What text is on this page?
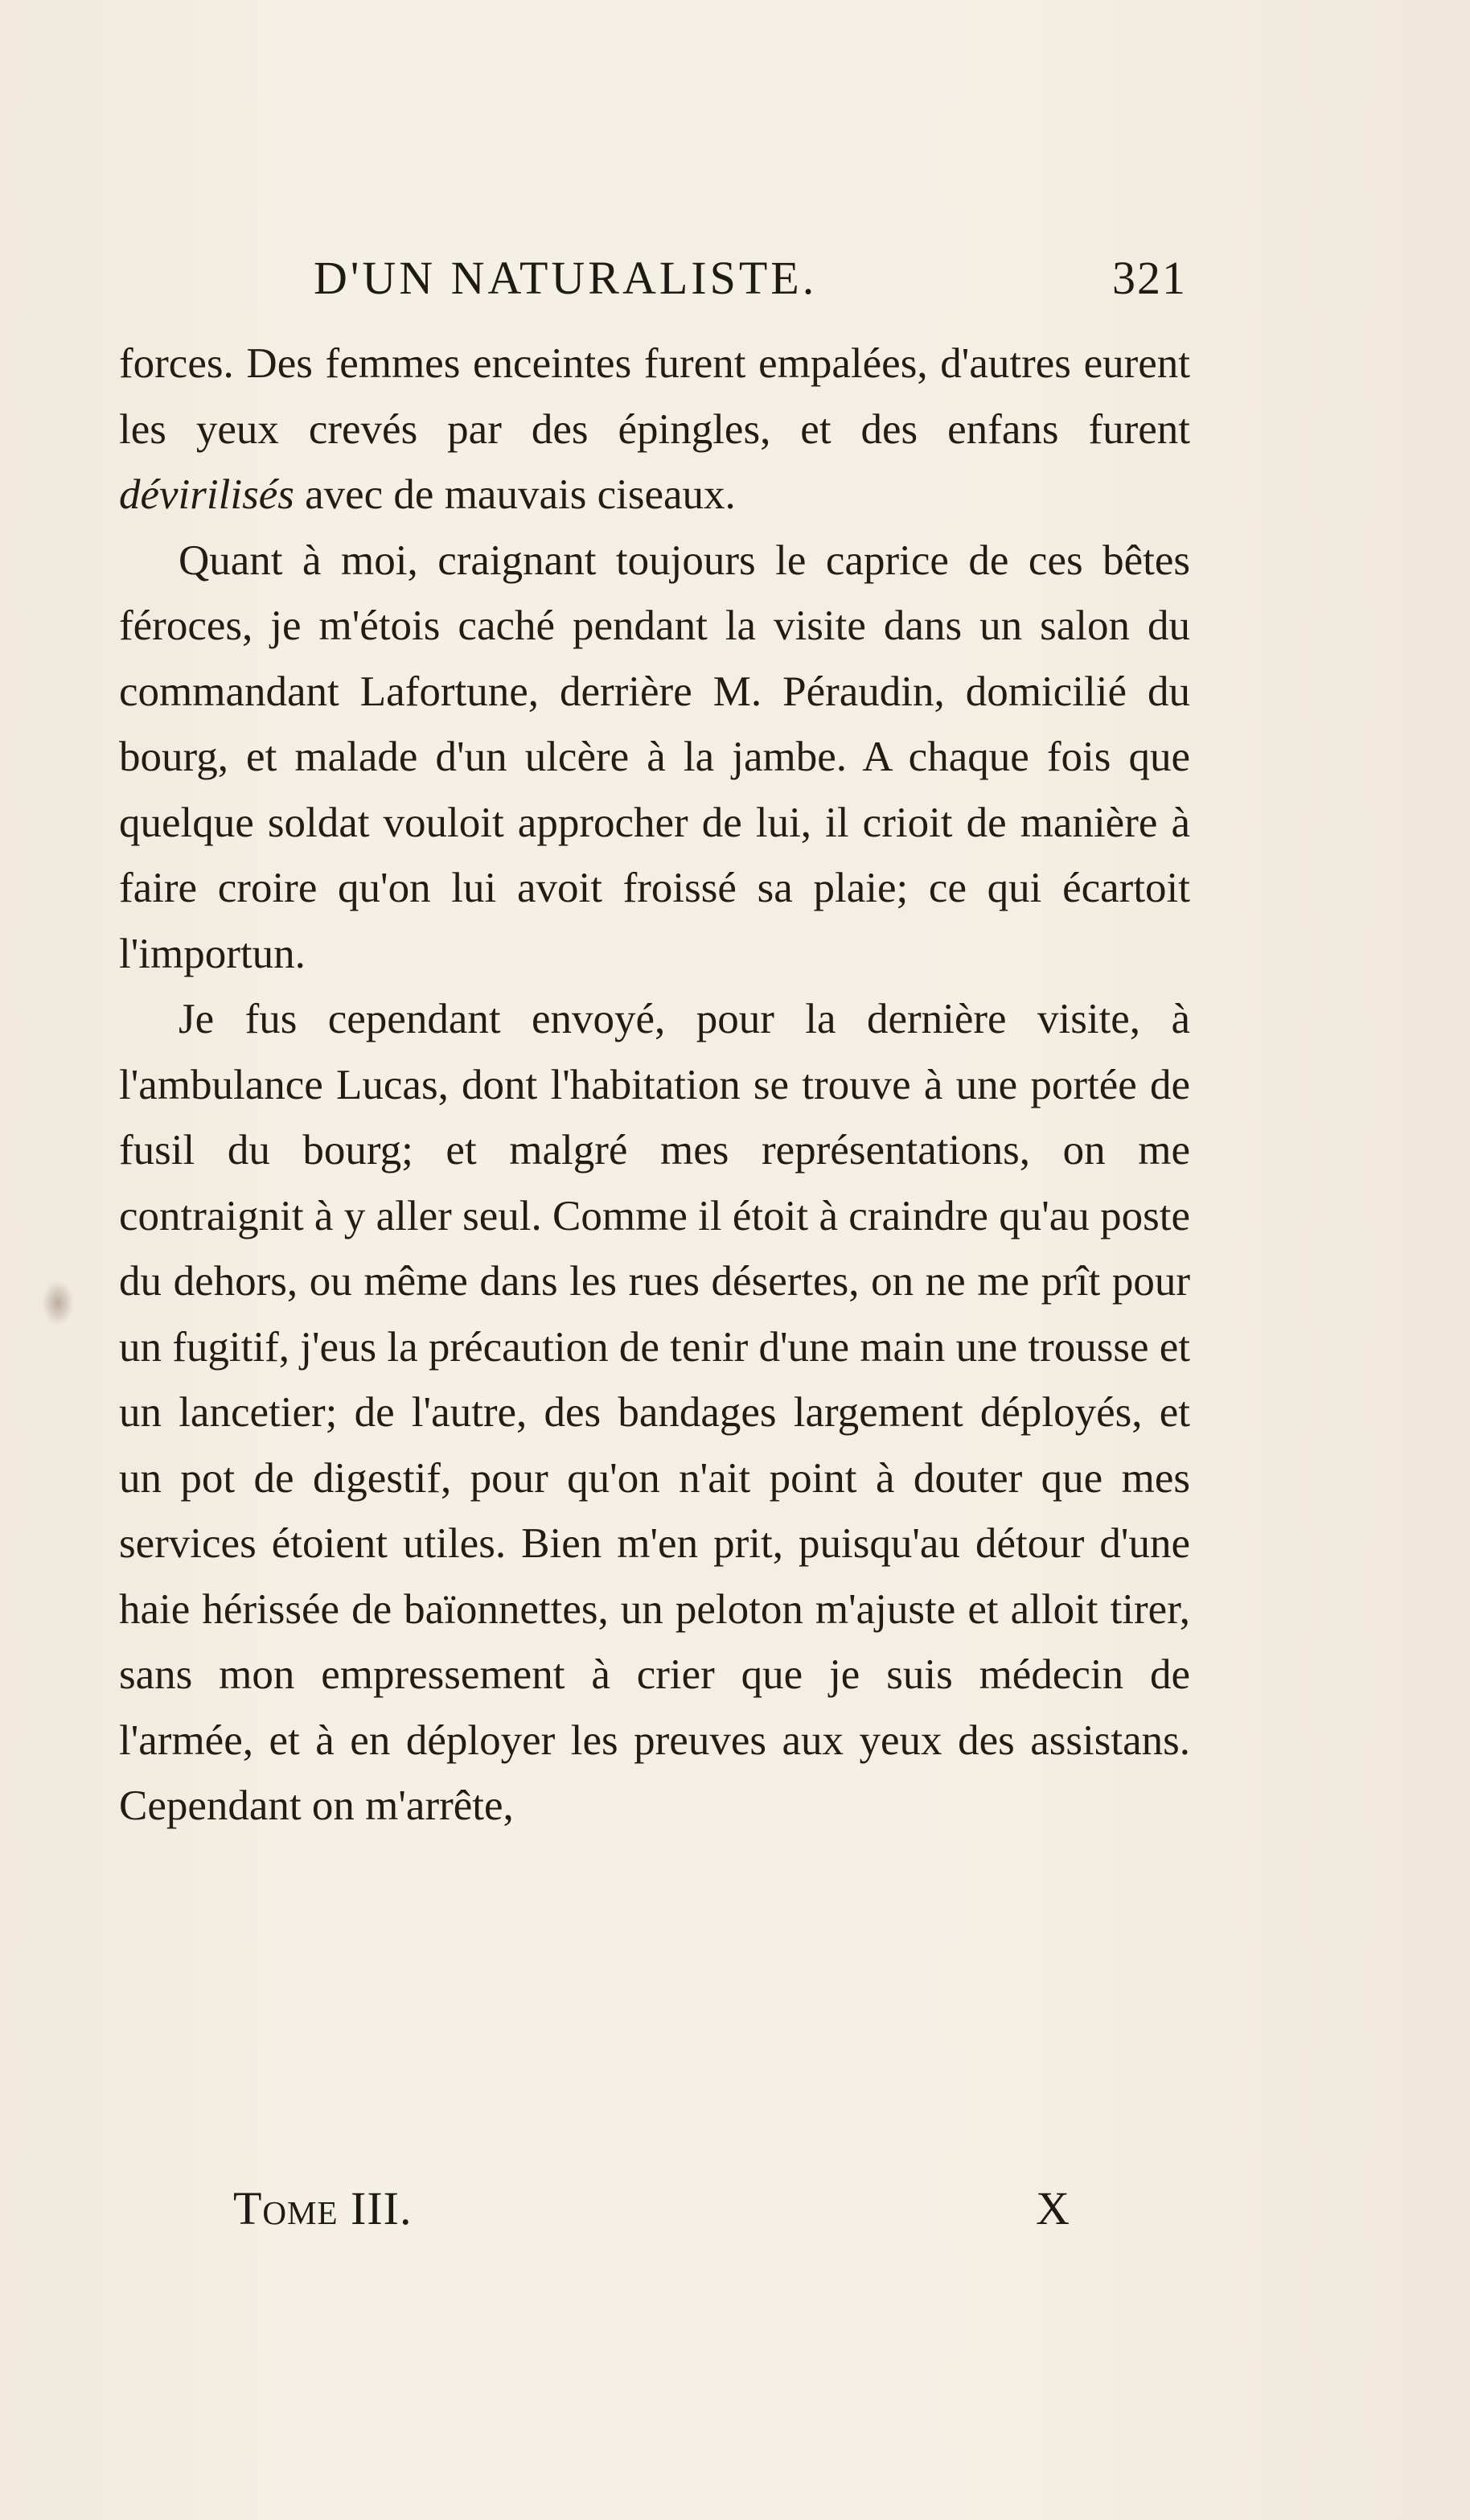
D'UN NATURALISTE.	321

forces. Des femmes enceintes furent empalées, d'autres eurent les yeux crevés par des épingles, et des enfans furent dévirilisés avec de mauvais ciseaux.

Quant à moi, craignant toujours le caprice de ces bêtes féroces, je m'étois caché pendant la visite dans un salon du commandant Lafortune, derrière M. Péraudin, domicilié du bourg, et malade d'un ulcère à la jambe. A chaque fois que quelque soldat vouloit approcher de lui, il crioit de manière à faire croire qu'on lui avoit froissé sa plaie; ce qui écartoit l'importun.

Je fus cependant envoyé, pour la dernière visite, à l'ambulance Lucas, dont l'habitation se trouve à une portée de fusil du bourg; et malgré mes représentations, on me contraignit à y aller seul. Comme il étoit à craindre qu'au poste du dehors, ou même dans les rues désertes, on ne me prît pour un fugitif, j'eus la précaution de tenir d'une main une trousse et un lancetier; de l'autre, des bandages largement déployés, et un pot de digestif, pour qu'on n'ait point à douter que mes services étoient utiles. Bien m'en prit, puisqu'au détour d'une haie hérissée de baïonnettes, un peloton m'ajuste et alloit tirer, sans mon empressement à crier que je suis médecin de l'armée, et à en déployer les preuves aux yeux des assistans. Cependant on m'arrête,

Tome III.	X
